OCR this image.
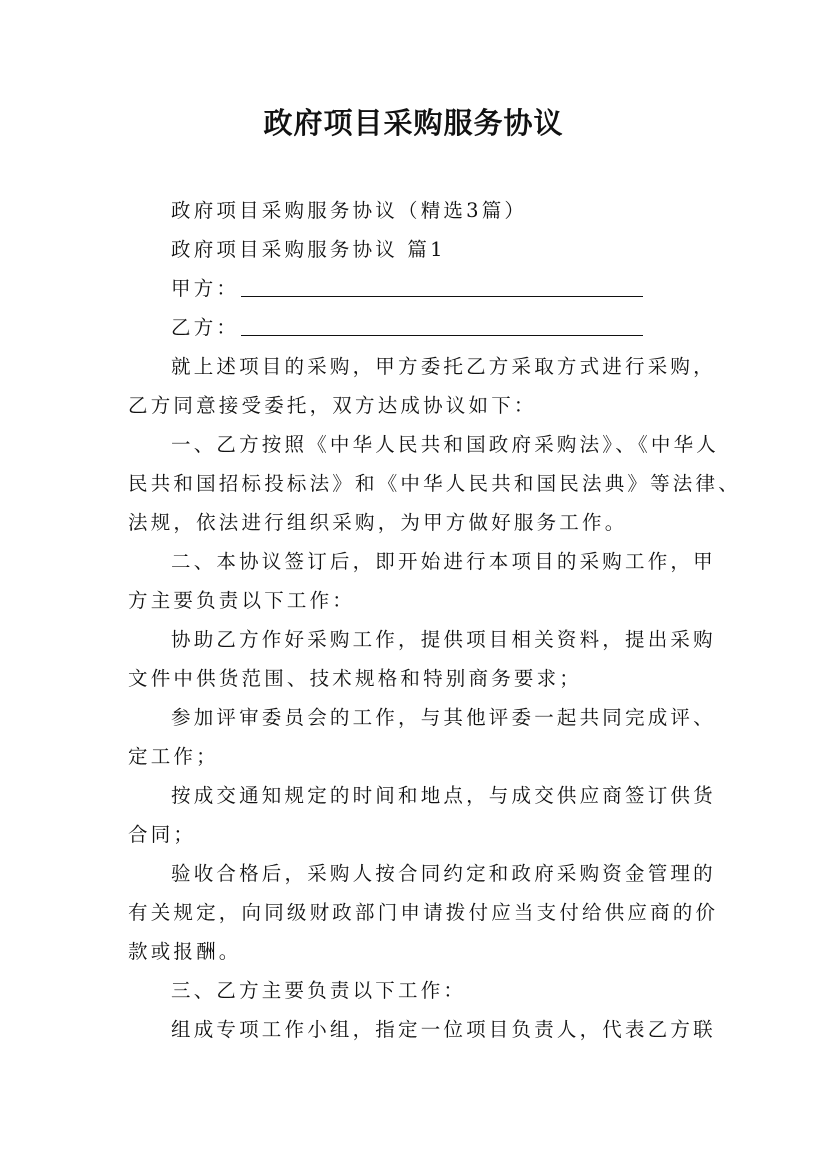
政府项目采购服务协议
政府项目采购服务协议（精选3篇）
政府项目采购服务协议 篇1
甲方：
乙方：
就上述项目的采购，甲方委托乙方采取方式进行采购，
乙方同意接受委托，双方达成协议如下：
一、乙方按照《中华人民共和国政府采购法》、《中华人
民共和国招标投标法》和《中华人民共和国民法典》等法律、
法规，依法进行组织采购，为甲方做好服务工作。
二、本协议签订后，即开始进行本项目的采购工作，甲
方主要负责以下工作：
协助乙方作好采购工作，提供项目相关资料，提出采购
文件中供货范围、技术规格和特别商务要求；
参加评审委员会的工作，与其他评委一起共同完成评、
定工作；
按成交通知规定的时间和地点，与成交供应商签订供货
合同；
验收合格后，采购人按合同约定和政府采购资金管理的
有关规定，向同级财政部门申请拨付应当支付给供应商的价
款或报酬。
三、乙方主要负责以下工作：
组成专项工作小组，指定一位项目负责人，代表乙方联
